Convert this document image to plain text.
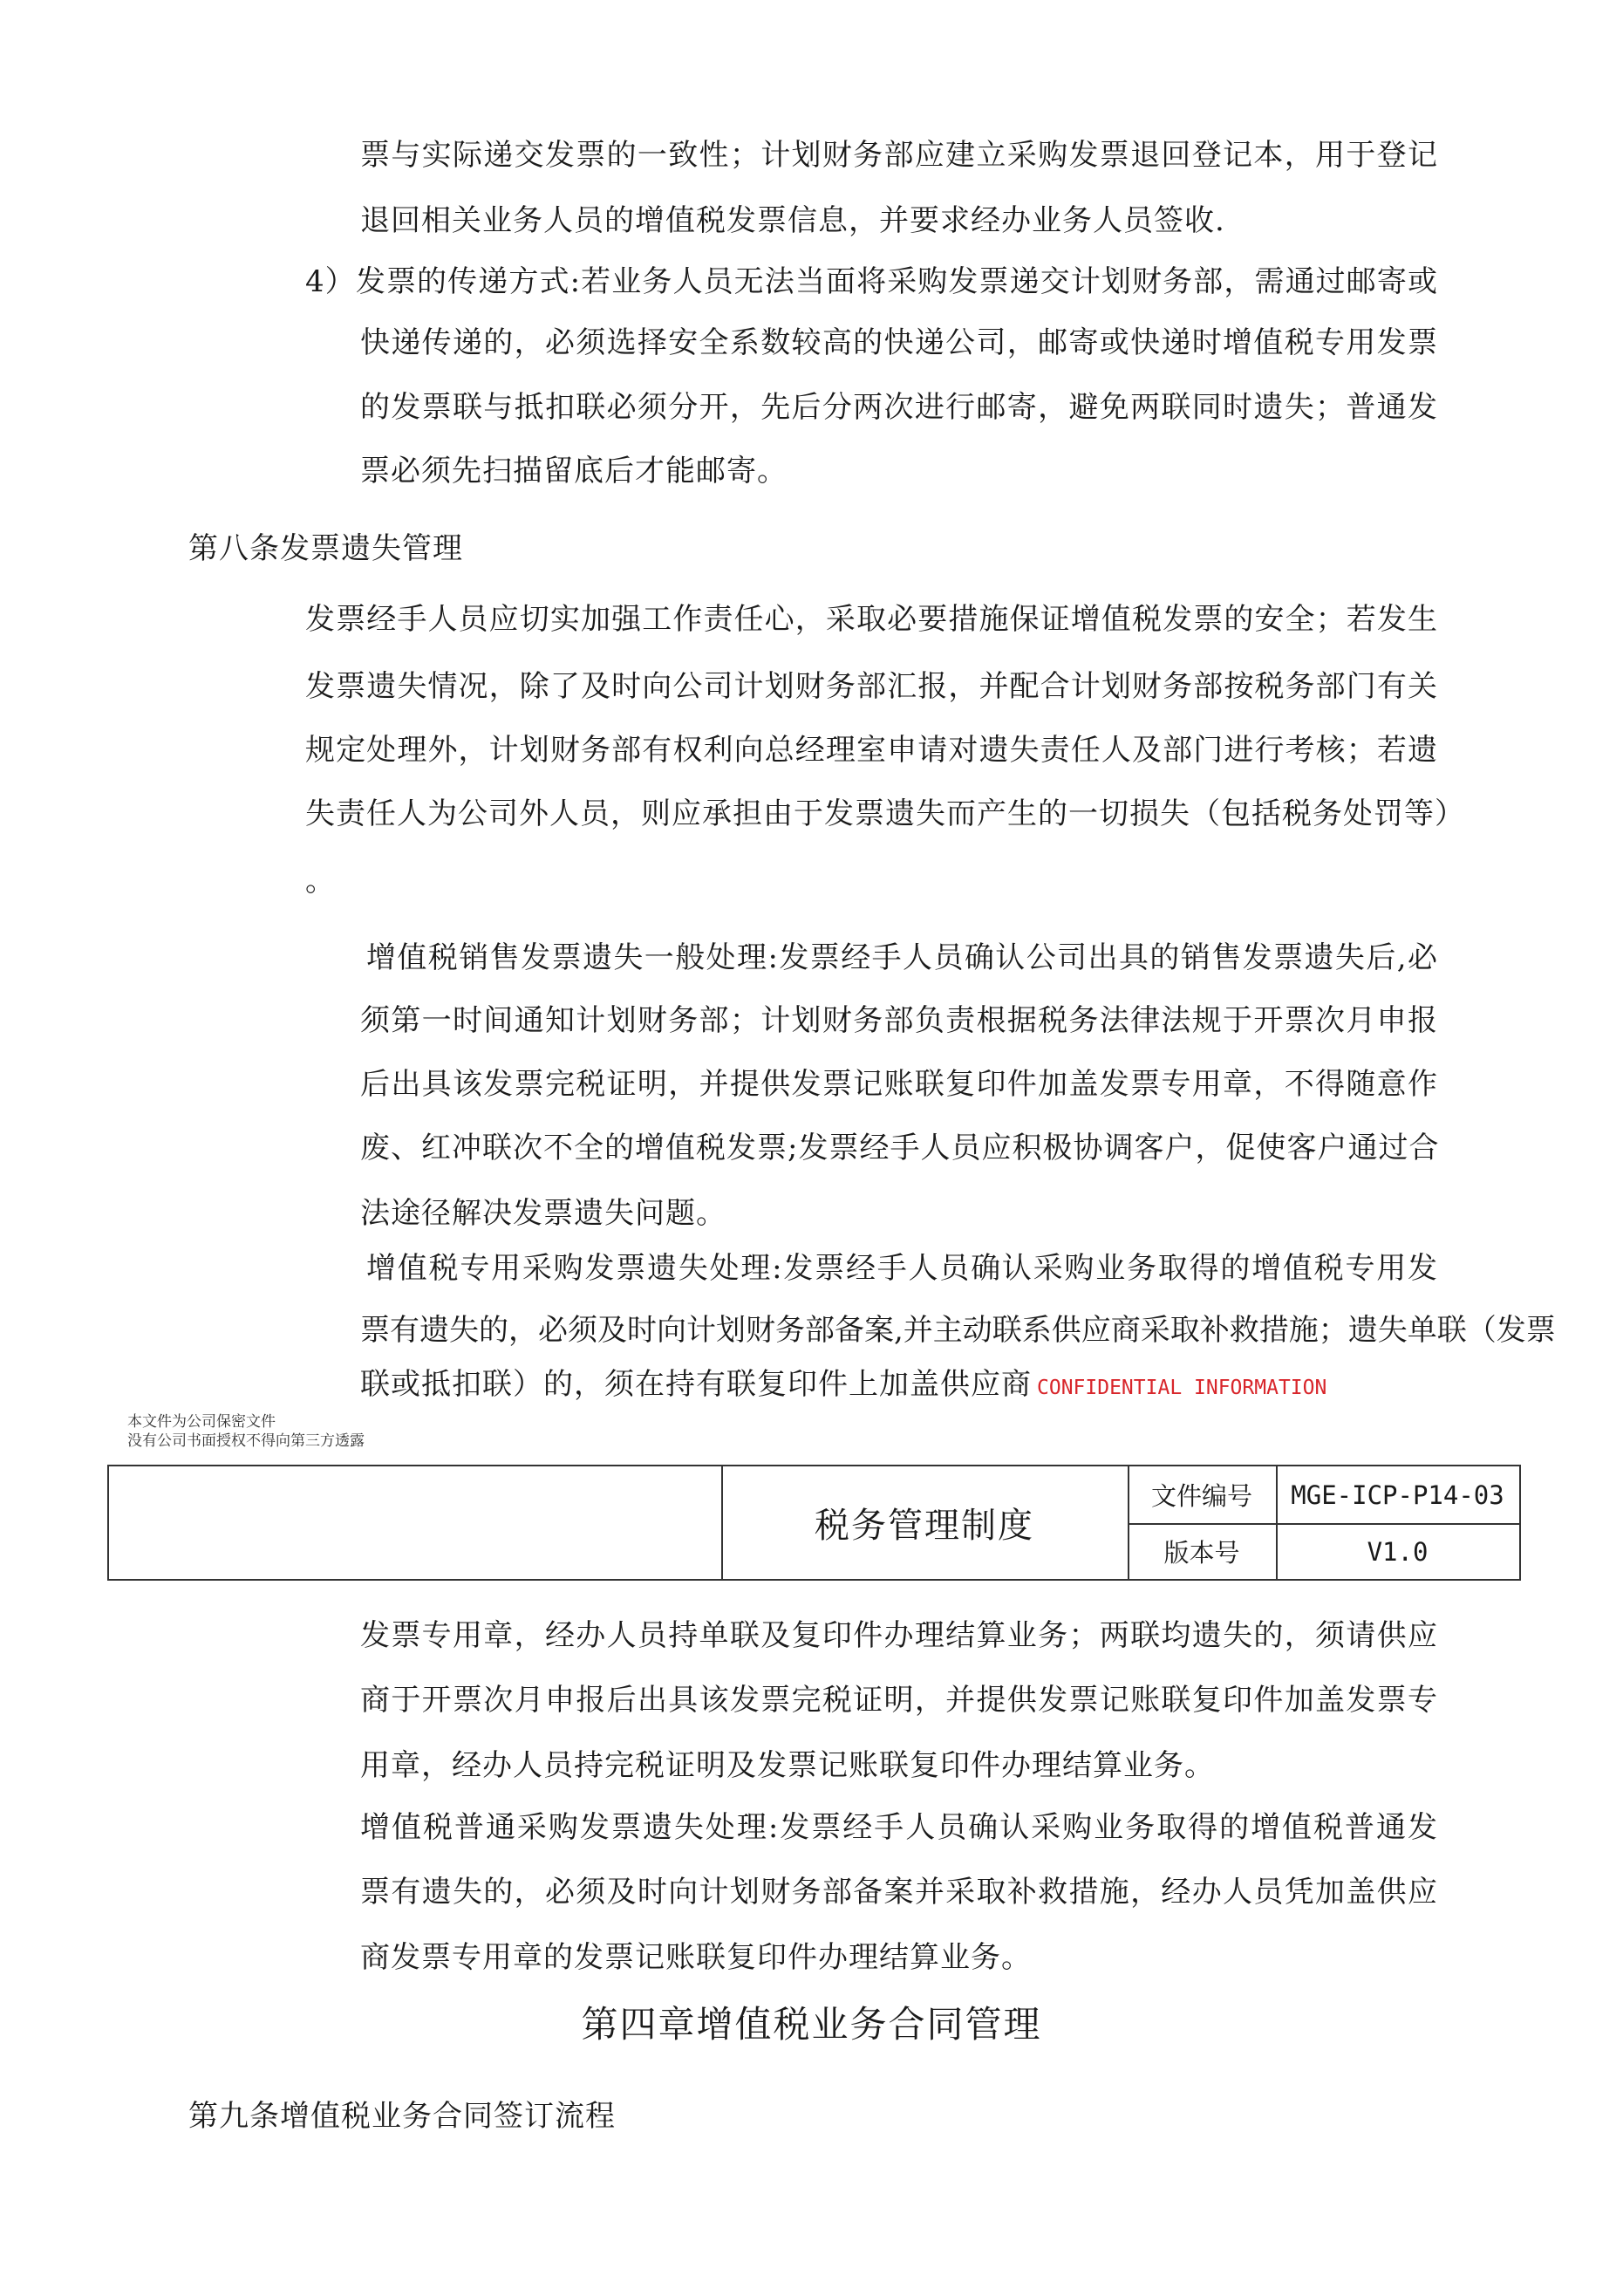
票与实际递交发票的一致性；计划财务部应建立采购发票退回登记本，用于登记
退回相关业务人员的增值税发票信息，并要求经办业务人员签收.
4）发票的传递方式:若业务人员无法当面将采购发票递交计划财务部，需通过邮寄或
快递传递的，必须选择安全系数较高的快递公司，邮寄或快递时增值税专用发票
的发票联与抵扣联必须分开，先后分两次进行邮寄，避免两联同时遗失；普通发
票必须先扫描留底后才能邮寄。
第八条发票遗失管理
发票经手人员应切实加强工作责任心，采取必要措施保证增值税发票的安全；若发生
发票遗失情况，除了及时向公司计划财务部汇报，并配合计划财务部按税务部门有关
规定处理外，计划财务部有权利向总经理室申请对遗失责任人及部门进行考核；若遗
失责任人为公司外人员，则应承担由于发票遗失而产生的一切损失（包括税务处罚等）
。
增值税销售发票遗失一般处理:发票经手人员确认公司出具的销售发票遗失后,必
须第一时间通知计划财务部；计划财务部负责根据税务法律法规于开票次月申报
后出具该发票完税证明，并提供发票记账联复印件加盖发票专用章，不得随意作
废、红冲联次不全的增值税发票;发票经手人员应积极协调客户，促使客户通过合
法途径解决发票遗失问题。
增值税专用采购发票遗失处理:发票经手人员确认采购业务取得的增值税专用发
票有遗失的，必须及时向计划财务部备案,并主动联系供应商采取补救措施；遗失单联（发票
联或抵扣联）的，须在持有联复印件上加盖供应商 CONFIDENTIAL INFORMATION
本文件为公司保密文件
没有公司书面授权不得向第三方透露
税务管理制度
文件编号	MGE-ICP-P14-03
版本号	V1.0
发票专用章，经办人员持单联及复印件办理结算业务；两联均遗失的，须请供应
商于开票次月申报后出具该发票完税证明，并提供发票记账联复印件加盖发票专
用章，经办人员持完税证明及发票记账联复印件办理结算业务。
增值税普通采购发票遗失处理:发票经手人员确认采购业务取得的增值税普通发
票有遗失的，必须及时向计划财务部备案并采取补救措施，经办人员凭加盖供应
商发票专用章的发票记账联复印件办理结算业务。
第四章增值税业务合同管理
第九条增值税业务合同签订流程
